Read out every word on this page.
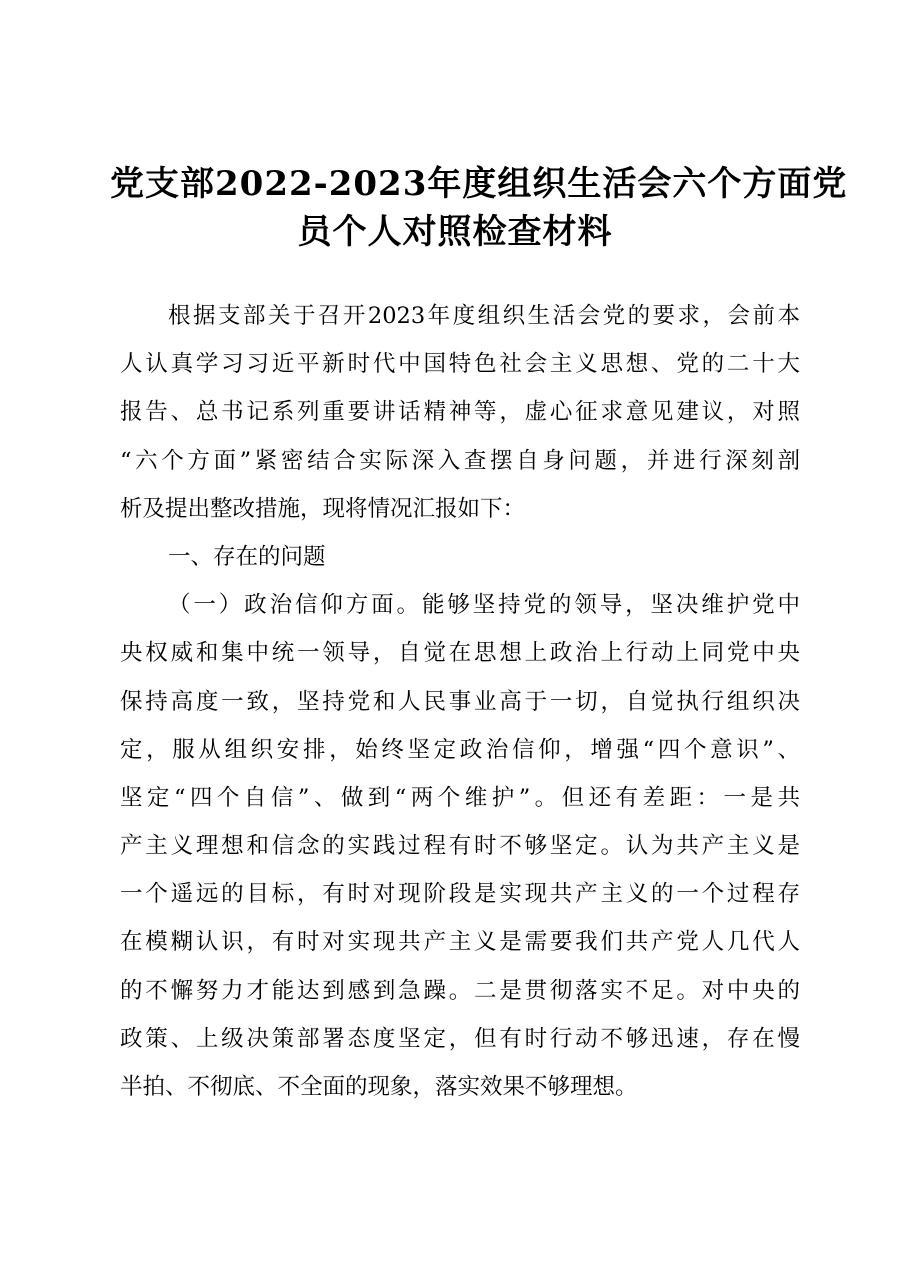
党支部2022-2023年度组织生活会六个方面党
员个人对照检查材料
根据支部关于召开2023年度组织生活会党的要求，会前本
人认真学习习近平新时代中国特色社会主义思想、党的二十大
报告、总书记系列重要讲话精神等，虚心征求意见建议，对照
“六个方面”紧密结合实际深入查摆自身问题，并进行深刻剖
析及提出整改措施，现将情况汇报如下：
一、存在的问题
（一）政治信仰方面。能够坚持党的领导，坚决维护党中
央权威和集中统一领导，自觉在思想上政治上行动上同党中央
保持高度一致，坚持党和人民事业高于一切，自觉执行组织决
定，服从组织安排，始终坚定政治信仰，增强“四个意识”、
坚定“四个自信”、做到“两个维护”。但还有差距：一是共
产主义理想和信念的实践过程有时不够坚定。认为共产主义是
一个遥远的目标，有时对现阶段是实现共产主义的一个过程存
在模糊认识，有时对实现共产主义是需要我们共产党人几代人
的不懈努力才能达到感到急躁。二是贯彻落实不足。对中央的
政策、上级决策部署态度坚定，但有时行动不够迅速，存在慢
半拍、不彻底、不全面的现象，落实效果不够理想。
